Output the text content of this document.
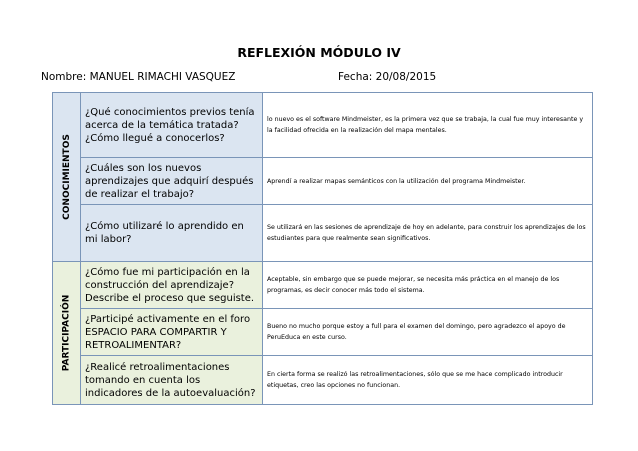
REFLEXIÓN MÓDULO IV
Nombre: MANUEL RIMACHI VASQUEZ	Fecha: 20/08/2015
CONOCIMIENTOS	¿Qué conocimientos previos tenía acerca de la temática tratada? ¿Cómo llegué a conocerlos?	lo nuevo es el software Mindmeister, es la primera vez que se trabaja, la cual fue muy interesante y la facilidad ofrecida en la realización del mapa mentales.
	¿Cuáles son los nuevos aprendizajes que adquirí después de realizar el trabajo?	Aprendí a realizar mapas semánticos con la utilización del programa Mindmeister.
	¿Cómo utilizaré lo aprendido en mi labor?	Se utilizará en las sesiones de aprendizaje de hoy en adelante, para construir los aprendizajes de los estudiantes para que realmente sean significativos.

PARTICIPACIÓN	¿Cómo fue mi participación en la construcción del aprendizaje? Describe el proceso que seguiste.	Aceptable, sin embargo que se puede mejorar, se necesita más práctica en el manejo de los programas, es decir conocer más todo el sistema.
	¿Participé activamente en el foro ESPACIO PARA COMPARTIR Y RETROALIMENTAR?	Bueno no mucho porque estoy a full para el examen del domingo, pero agradezco el apoyo de PeruEduca en este curso.
	¿Realicé retroalimentaciones tomando en cuenta los indicadores de la autoevaluación?	En cierta forma se realizó las retroalimentaciones, sólo que se me hace complicado introducir etiquetas, creo las opciones no funcionan.
